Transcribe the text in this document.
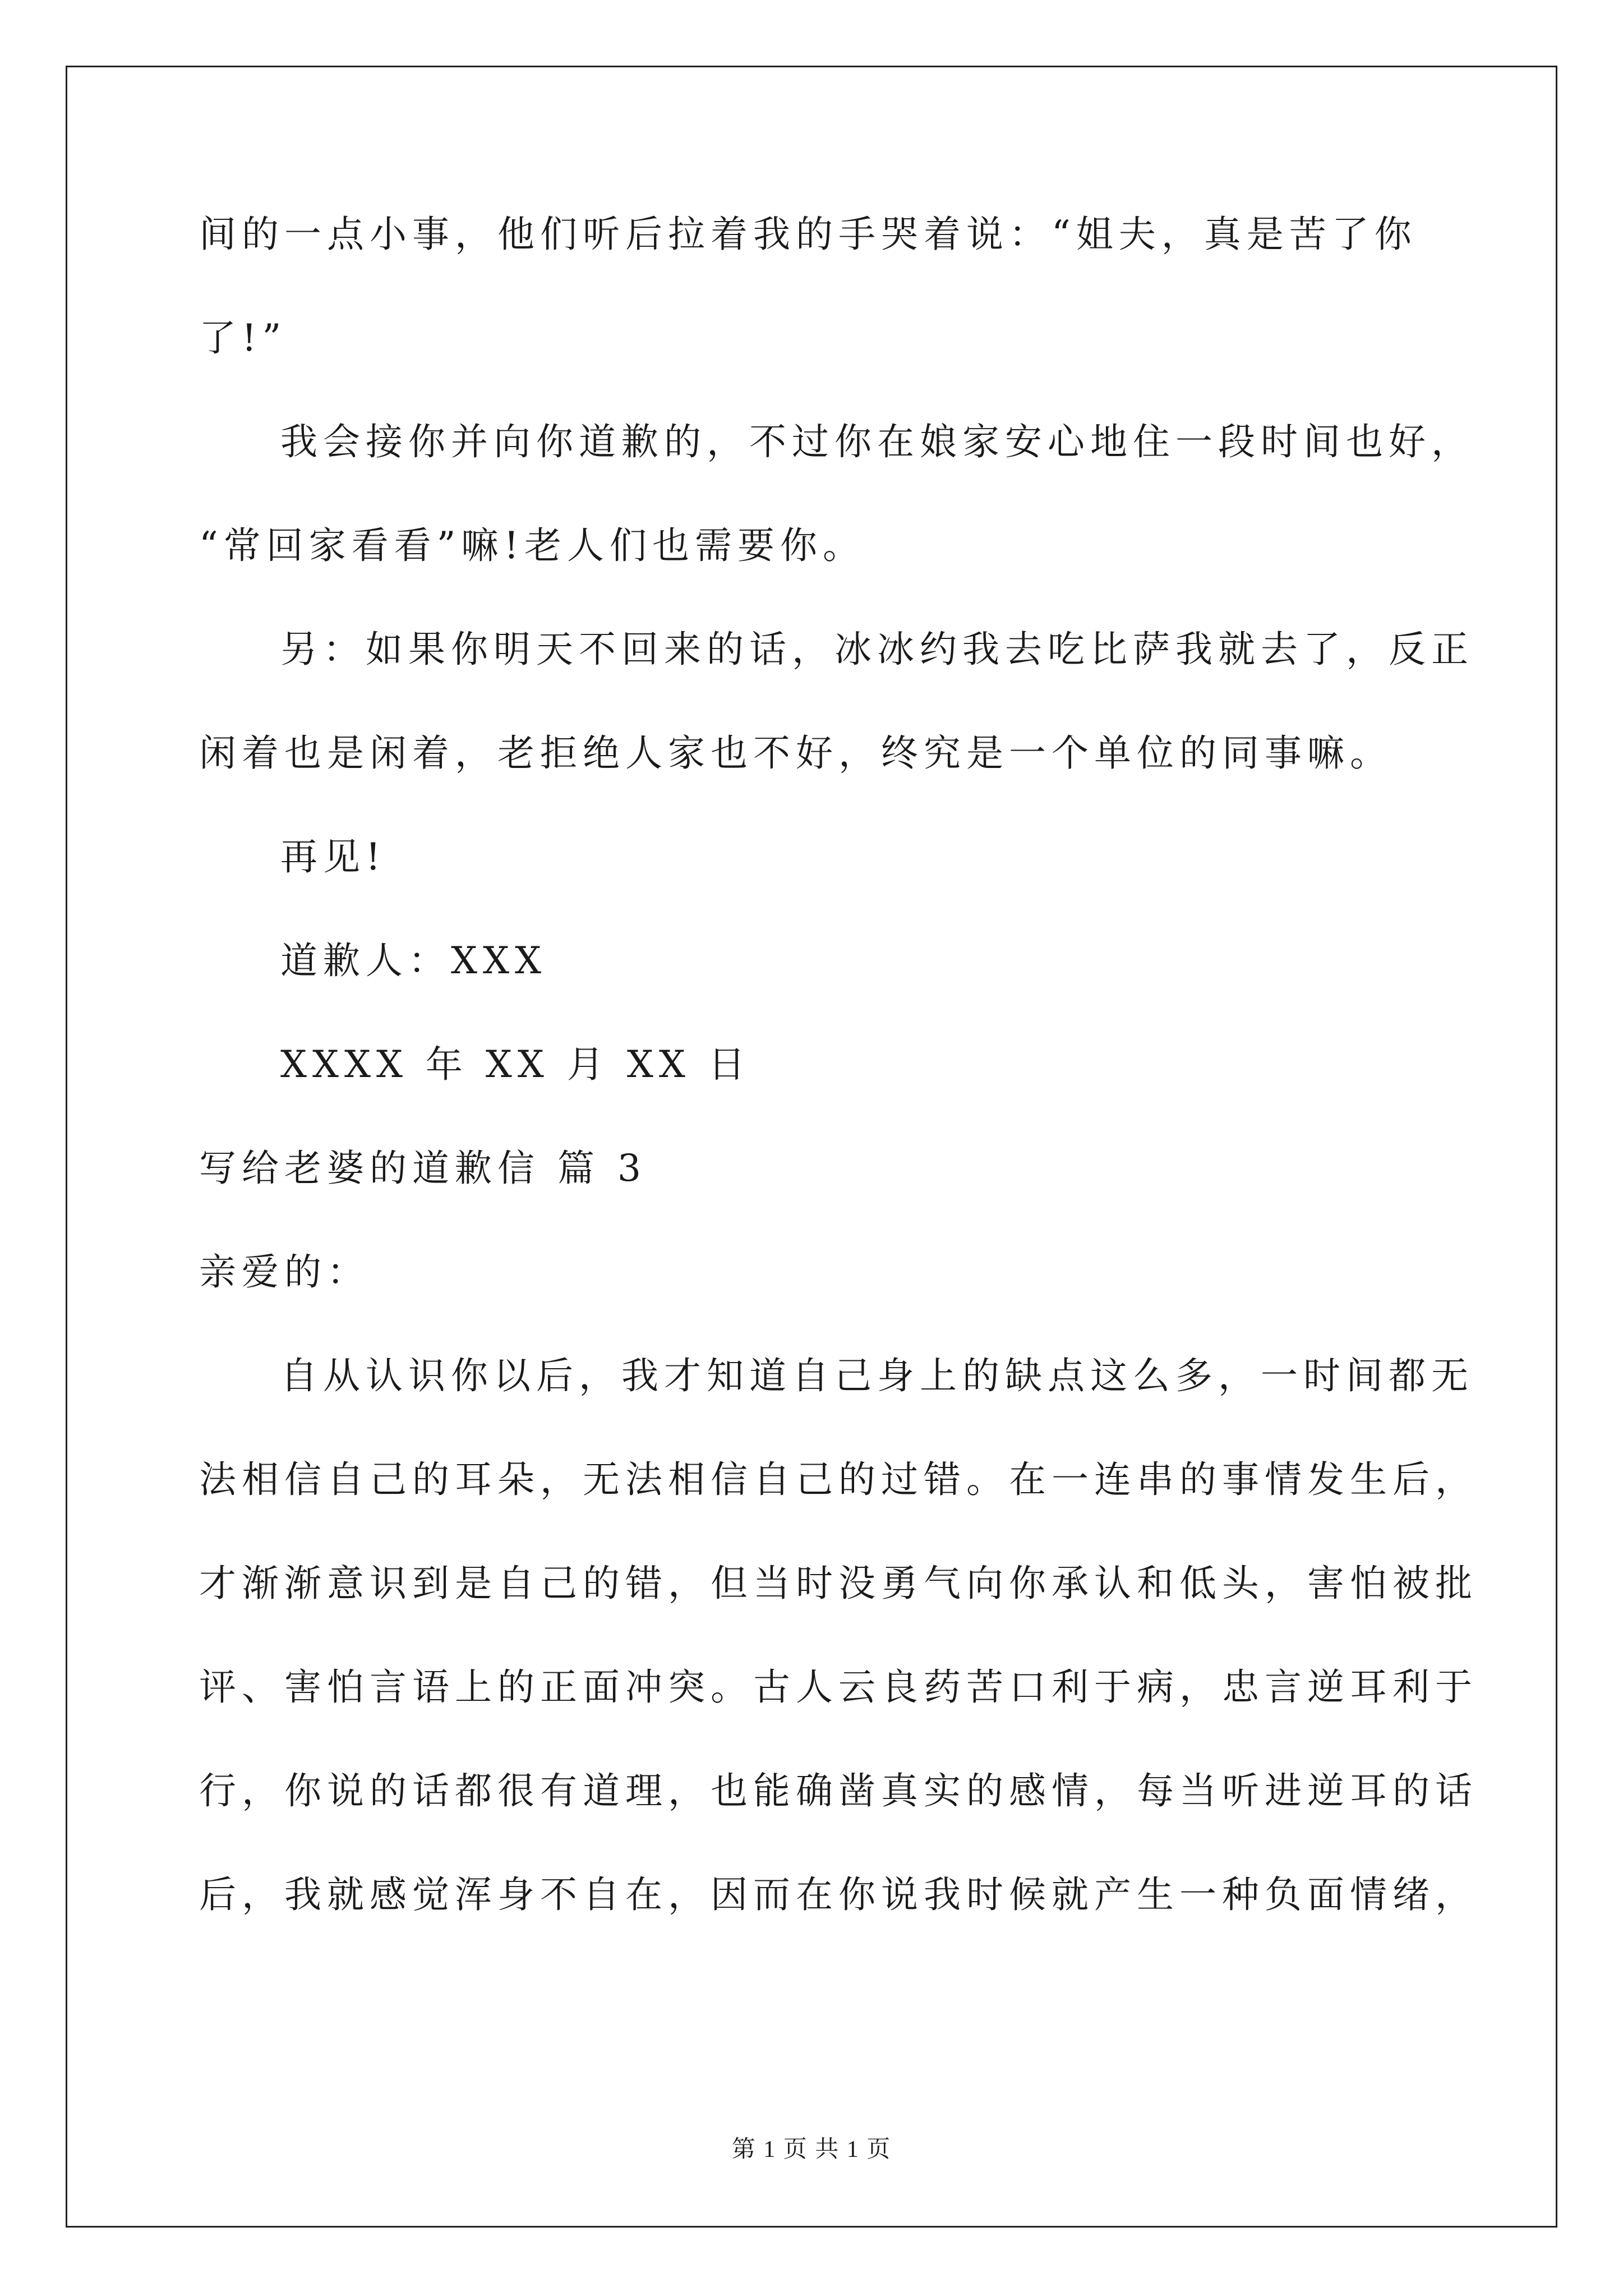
间的一点小事，他们听后拉着我的手哭着说：“姐夫，真是苦了你
了!”
我会接你并向你道歉的，不过你在娘家安心地住一段时间也好，
“常回家看看”嘛!老人们也需要你。
另：如果你明天不回来的话，冰冰约我去吃比萨我就去了，反正
闲着也是闲着，老拒绝人家也不好，终究是一个单位的同事嘛。
再见!
道歉人：XXX
XXXX 年 XX 月 XX 日
写给老婆的道歉信 篇 3
亲爱的：
自从认识你以后，我才知道自己身上的缺点这么多，一时间都无
法相信自己的耳朵，无法相信自己的过错。在一连串的事情发生后，
才渐渐意识到是自己的错，但当时没勇气向你承认和低头，害怕被批
评、害怕言语上的正面冲突。古人云良药苦口利于病，忠言逆耳利于
行，你说的话都很有道理，也能确凿真实的感情，每当听进逆耳的话
后，我就感觉浑身不自在，因而在你说我时候就产生一种负面情绪，
第 1 页 共 1 页
